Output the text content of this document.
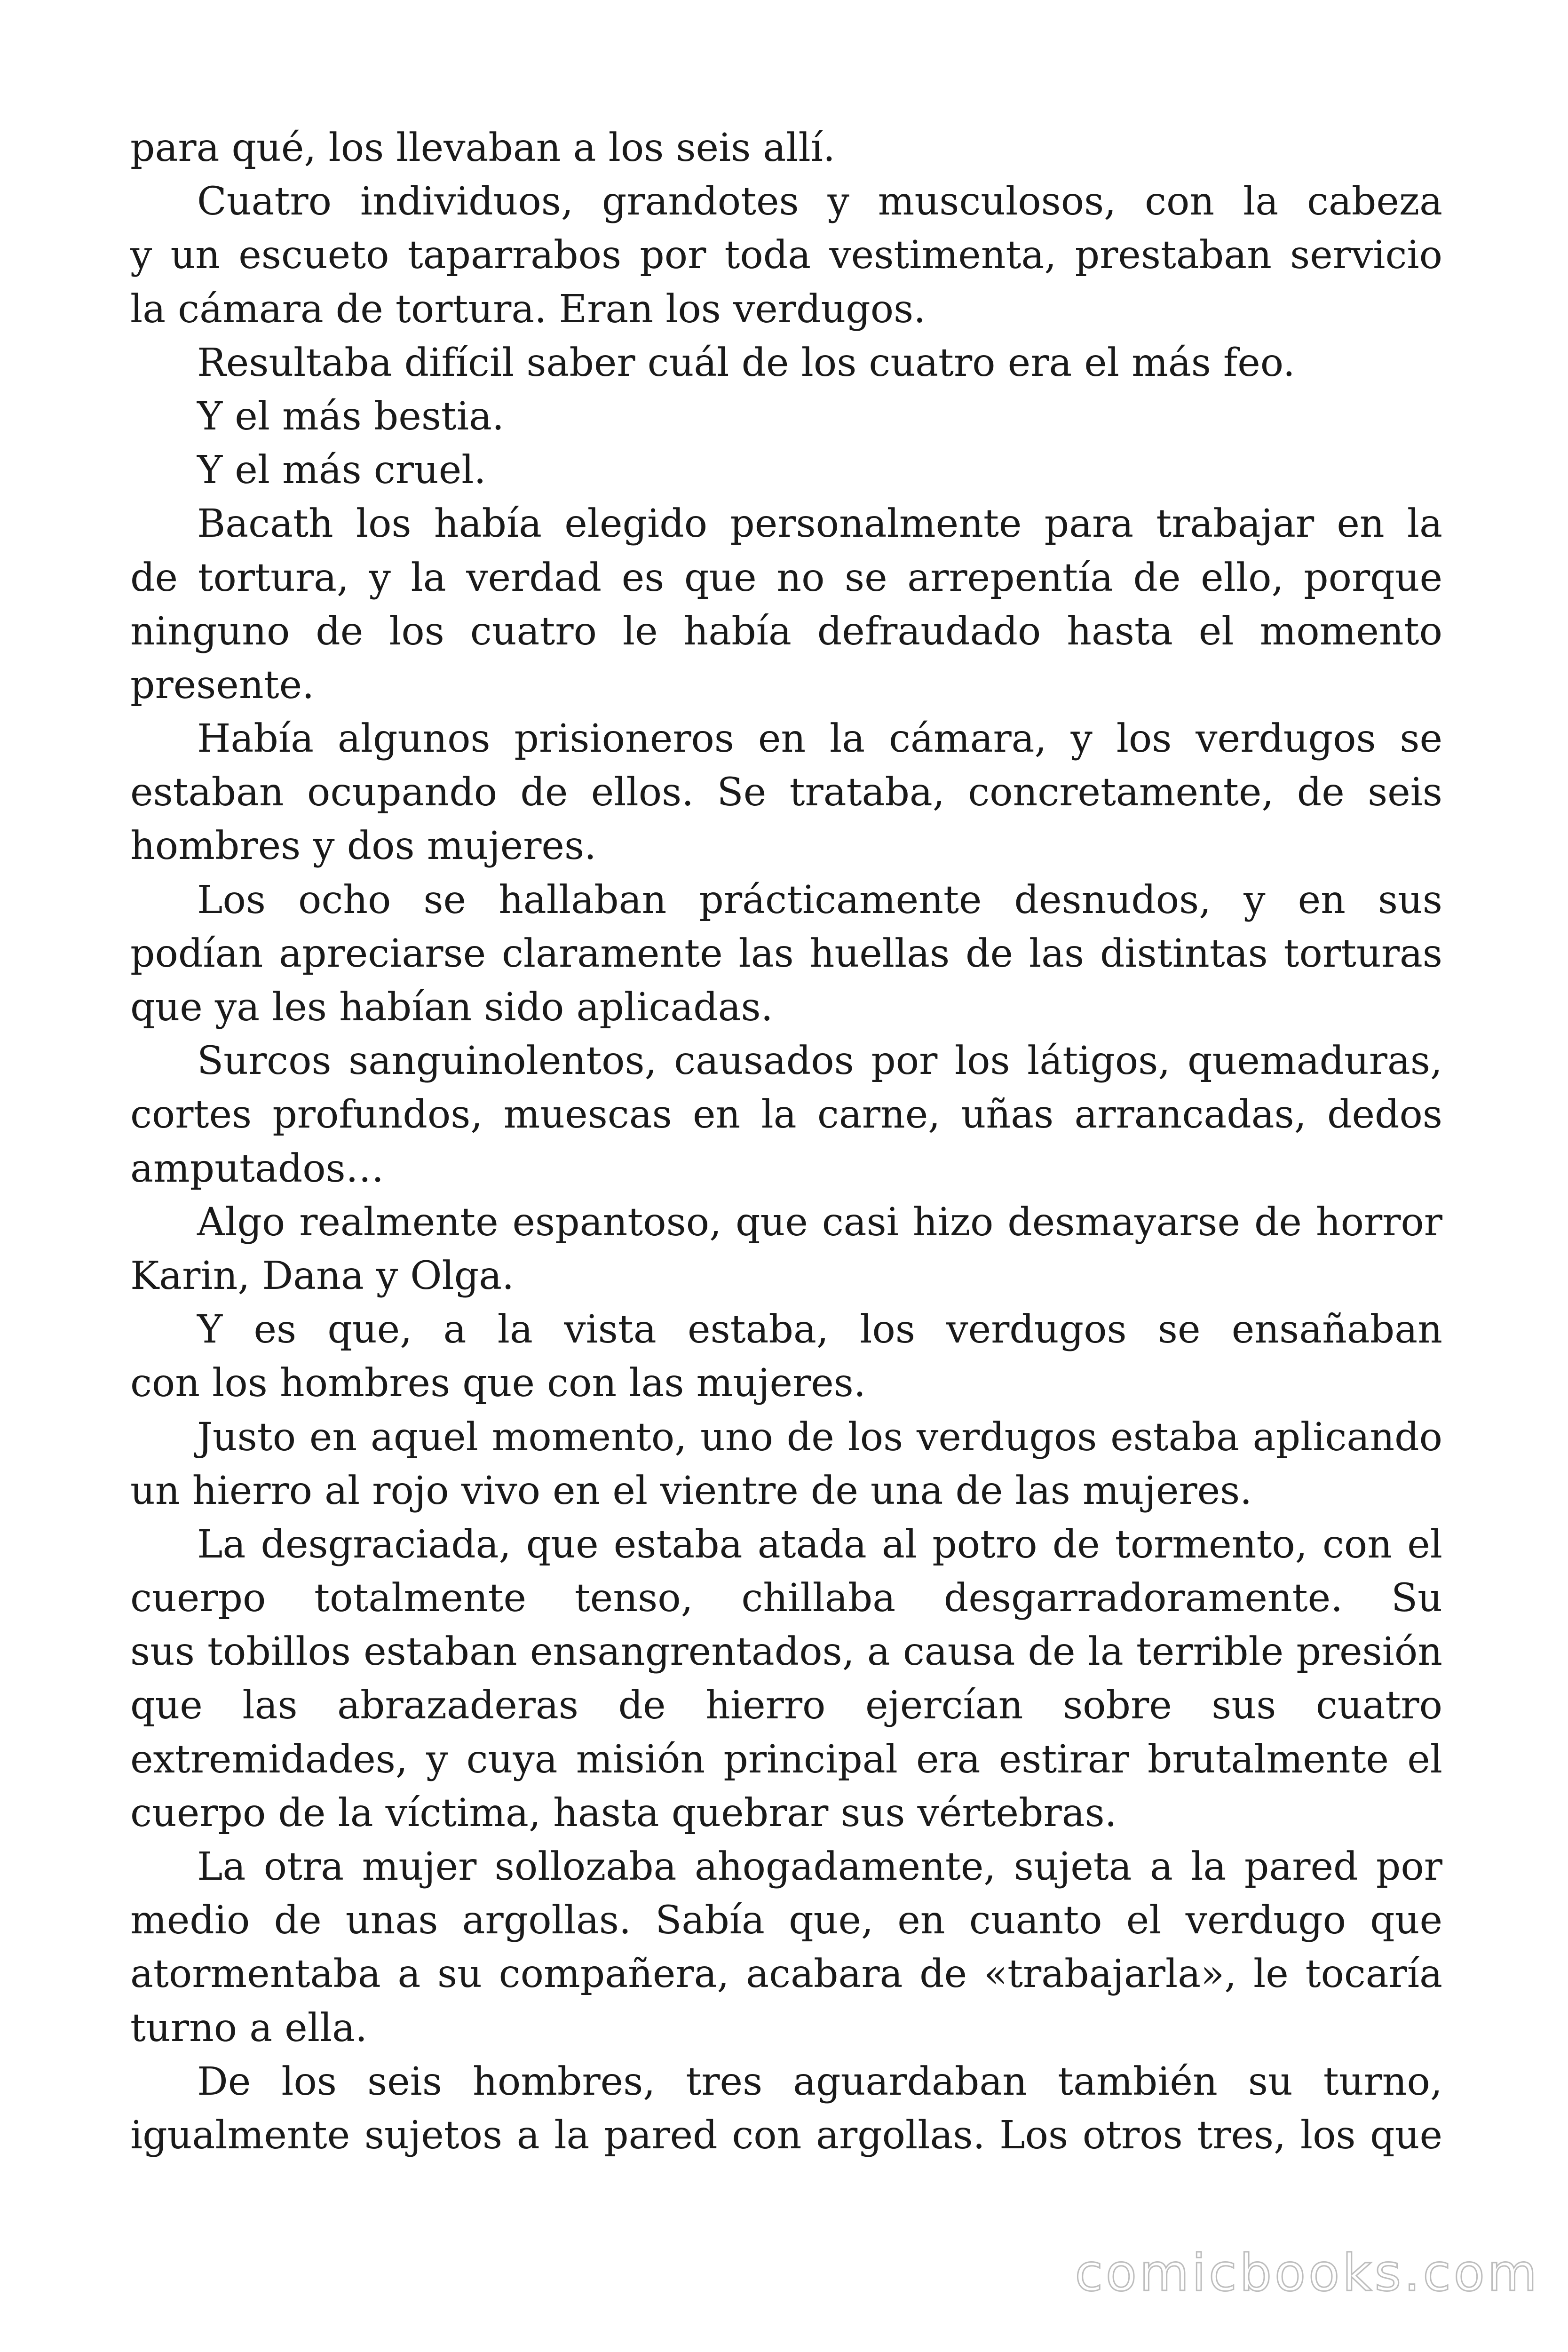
para qué, los llevaban a los seis allí.
Cuatro individuos, grandotes y musculosos, con la cabeza
y un escueto taparrabos por toda vestimenta, prestaban servicio
la cámara de tortura. Eran los verdugos.
Resultaba difícil saber cuál de los cuatro era el más feo.
Y el más bestia.
Y el más cruel.
Bacath los había elegido personalmente para trabajar en la
de tortura, y la verdad es que no se arrepentía de ello, porque
ninguno de los cuatro le había defraudado hasta el momento
presente.
Había algunos prisioneros en la cámara, y los verdugos se
estaban ocupando de ellos. Se trataba, concretamente, de seis
hombres y dos mujeres.
Los ocho se hallaban prácticamente desnudos, y en sus
podían apreciarse claramente las huellas de las distintas torturas
que ya les habían sido aplicadas.
Surcos sanguinolentos, causados por los látigos, quemaduras,
cortes profundos, muescas en la carne, uñas arrancadas, dedos
amputados…
Algo realmente espantoso, que casi hizo desmayarse de horror
Karin, Dana y Olga.
Y es que, a la vista estaba, los verdugos se ensañaban
con los hombres que con las mujeres.
Justo en aquel momento, uno de los verdugos estaba aplicando
un hierro al rojo vivo en el vientre de una de las mujeres.
La desgraciada, que estaba atada al potro de tormento, con el
cuerpo totalmente tenso, chillaba desgarradoramente. Su
sus tobillos estaban ensangrentados, a causa de la terrible presión
que las abrazaderas de hierro ejercían sobre sus cuatro
extremidades, y cuya misión principal era estirar brutalmente el
cuerpo de la víctima, hasta quebrar sus vértebras.
La otra mujer sollozaba ahogadamente, sujeta a la pared por
medio de unas argollas. Sabía que, en cuanto el verdugo que
atormentaba a su compañera, acabara de «trabajarla», le tocaría
turno a ella.
De los seis hombres, tres aguardaban también su turno,
igualmente sujetos a la pared con argollas. Los otros tres, los que
comicbooks.com
